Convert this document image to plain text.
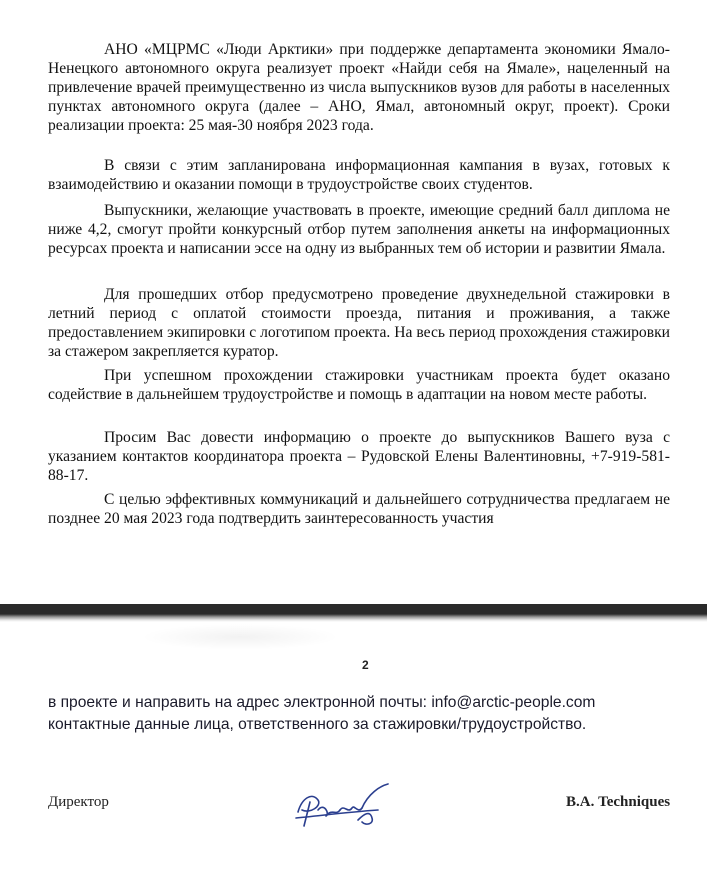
АНО «МЦРМС «Люди Арктики» при поддержке департамента экономики Ямало-Ненецкого автономного округа реализует проект «Найди себя на Ямале», нацеленный на привлечение врачей преимущественно из числа выпускников вузов для работы в населенных пунктах автономного округа (далее – АНО, Ямал, автономный округ, проект). Сроки реализации проекта: 25 мая-30 ноября 2023 года.

В связи с этим запланирована информационная кампания в вузах, готовых к взаимодействию и оказании помощи в трудоустройстве своих студентов.

Выпускники, желающие участвовать в проекте, имеющие средний балл диплома не ниже 4,2, смогут пройти конкурсный отбор путем заполнения анкеты на информационных ресурсах проекта и написании эссе на одну из выбранных тем об истории и развитии Ямала.

Для прошедших отбор предусмотрено проведение двухнедельной стажировки в летний период с оплатой стоимости проезда, питания и проживания, а также предоставлением экипировки с логотипом проекта. На весь период прохождения стажировки за стажером закрепляется куратор.

При успешном прохождении стажировки участникам проекта будет оказано содействие в дальнейшем трудоустройстве и помощь в адаптации на новом месте работы.

Просим Вас довести информацию о проекте до выпускников Вашего вуза с указанием контактов координатора проекта – Рудовской Елены Валентиновны, +7-919-581-88-17.

С целью эффективных коммуникаций и дальнейшего сотрудничества предлагаем не позднее 20 мая 2023 года подтвердить заинтересованность участия

2

в проекте и направить на адрес электронной почты: info@arctic-people.com

контактные данные лица, ответственного за стажировки/трудоустройство.

Директор	В.А. Techniques
